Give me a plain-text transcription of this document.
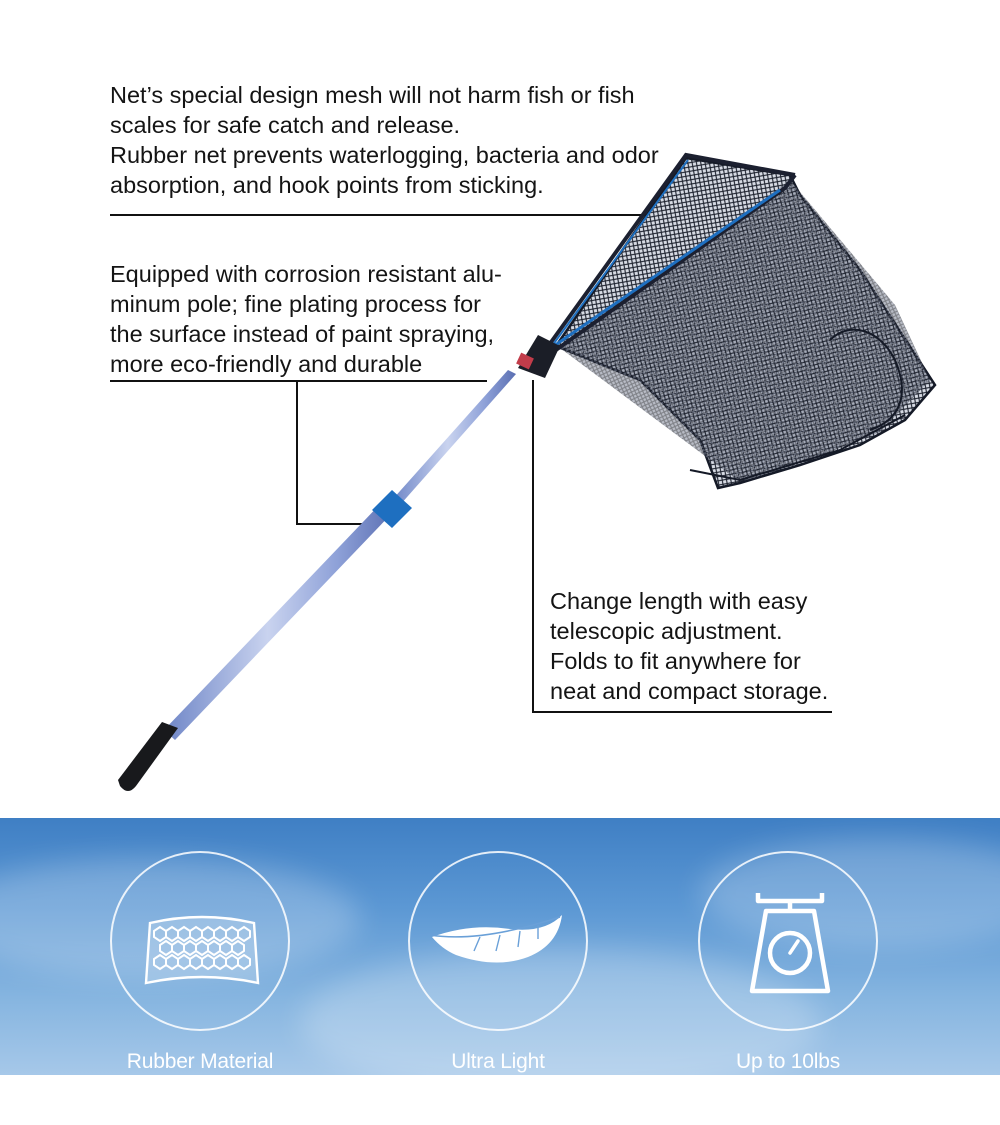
Net’s special design mesh will not harm fish or fish
scales for safe catch and release.
Rubber net prevents waterlogging, bacteria and odor
absorption, and hook points from sticking.
Equipped with corrosion resistant alu-
minum pole; fine plating process for
the surface instead of paint spraying,
more eco-friendly and durable
Change length with easy
telescopic adjustment.
Folds to fit anywhere for
neat and compact storage.
Rubber Material	Ultra Light	Up to 10lbs
